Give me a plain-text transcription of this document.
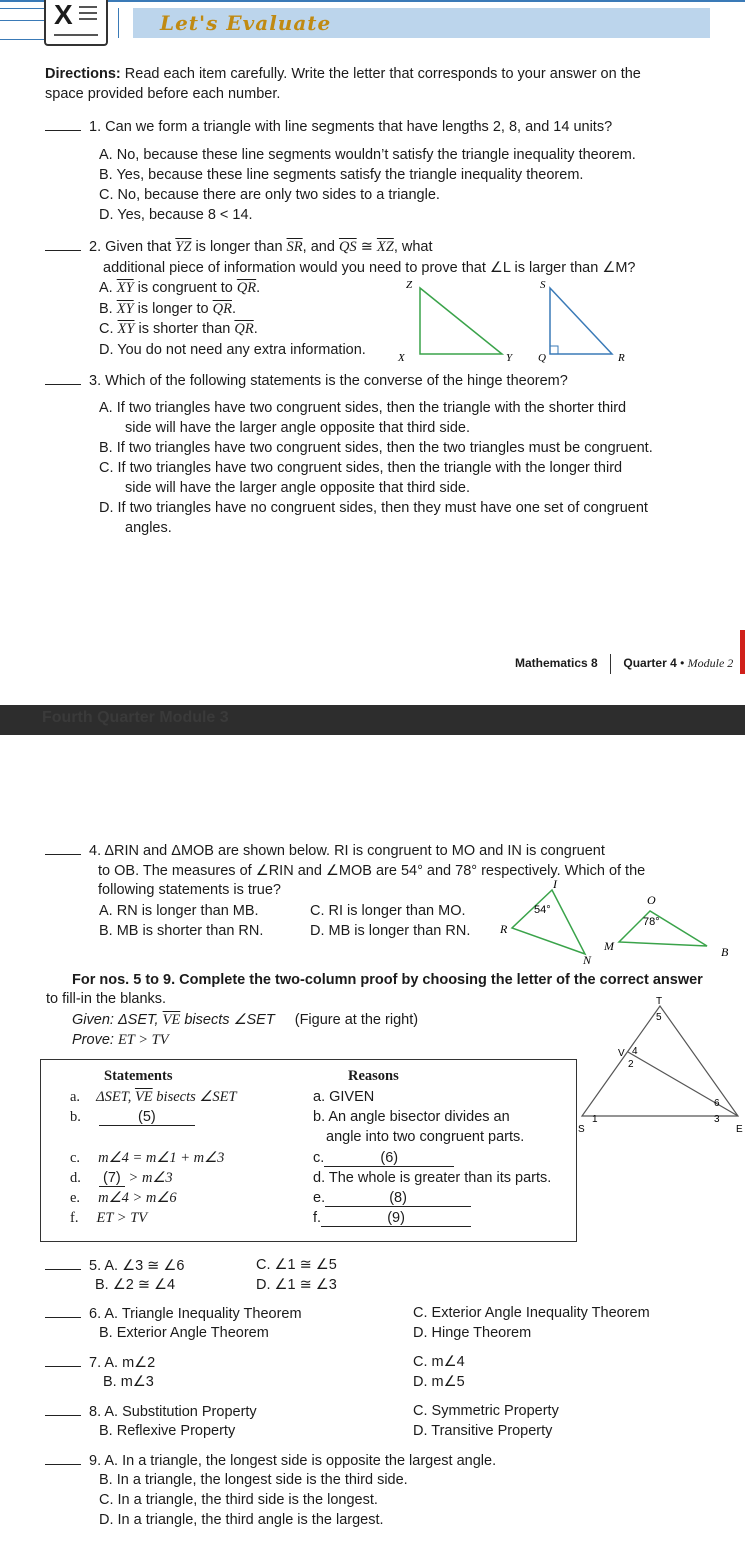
X	Let's Evaluate
Directions: Read each item carefully. Write the letter that corresponds to your answer on the
space provided before each number.
1. Can we form a triangle with line segments that have lengths 2, 8, and 14 units?
A. No, because these line segments wouldn’t satisfy the triangle inequality theorem.
B. Yes, because these line segments satisfy the triangle inequality theorem.
C. No, because there are only two sides to a triangle.
D. Yes, because 8 < 14.
2. Given that $\overline{YZ}$ is longer than $\overline{SR}$, and $\overline{QS}$ ≅ $\overline{XZ}$, what
additional piece of information would you need to prove that ∠L is larger than ∠M?
A. $\overline{XY}$ is congruent to $\overline{QR}$.
B. $\overline{XY}$ is longer to $\overline{QR}$.
C. $\overline{XY}$ is shorter than $\overline{QR}$.
D. You do not need any extra information.
Z
X	Y
S
Q	R
3. Which of the following statements is the converse of the hinge theorem?
A. If two triangles have two congruent sides, then the triangle with the shorter third
side will have the larger angle opposite that third side.
B. If two triangles have two congruent sides, then the two triangles must be congruent.
C. If two triangles have two congruent sides, then the triangle with the longer third
side will have the larger angle opposite that third side.
D. If two triangles have no congruent sides, then they must have one set of congruent
angles.
Mathematics 8 Quarter 4 • Module 2
Fourth Quarter Module 3
4. ΔRIN and ΔMOB are shown below. RI is congruent to MO and IN is congruent
to OB. The measures of ∠RIN and ∠MOB are 54° and 78° respectively. Which of the
following statements is true?
A. RN is longer than MB.
B. MB is shorter than RN.
C. RI is longer than MO.
D. MB is longer than RN.
I
R
N
54°
O
M	B
78°
For nos. 5 to 9. Complete the two-column proof by choosing the letter of the correct answer
to fill-in the blanks.
Given: ΔSET, $\overline{VE}$ bisects ∠SET (Figure at the right)
Prove: ET > TV
Statements	Reasons
a. ΔSET, $\overline{VE}$ bisects ∠SET	a. GIVEN
b.	(5)	b. An angle bisector divides an
angle into two congruent parts.
c. m∠4 = m∠1 + m∠3	c.	(6)
d. (7) > m∠3	d. The whole is greater than its parts.
e. m∠4 > m∠6	e.	(8)
f. ET > TV	f.	(9)
T
V
S	E
1
2
3
4
5
6
5. A. ∠3 ≅ ∠6
B. ∠2 ≅ ∠4
C. ∠1 ≅ ∠5
D. ∠1 ≅ ∠3
6. A. Triangle Inequality Theorem
B. Exterior Angle Theorem
C. Exterior Angle Inequality Theorem
D. Hinge Theorem
7. A. m∠2
B. m∠3
C. m∠4
D. m∠5
8. A. Substitution Property
B. Reflexive Property
C. Symmetric Property
D. Transitive Property
9. A. In a triangle, the longest side is opposite the largest angle.
B. In a triangle, the longest side is the third side.
C. In a triangle, the third side is the longest.
D. In a triangle, the third angle is the largest.
